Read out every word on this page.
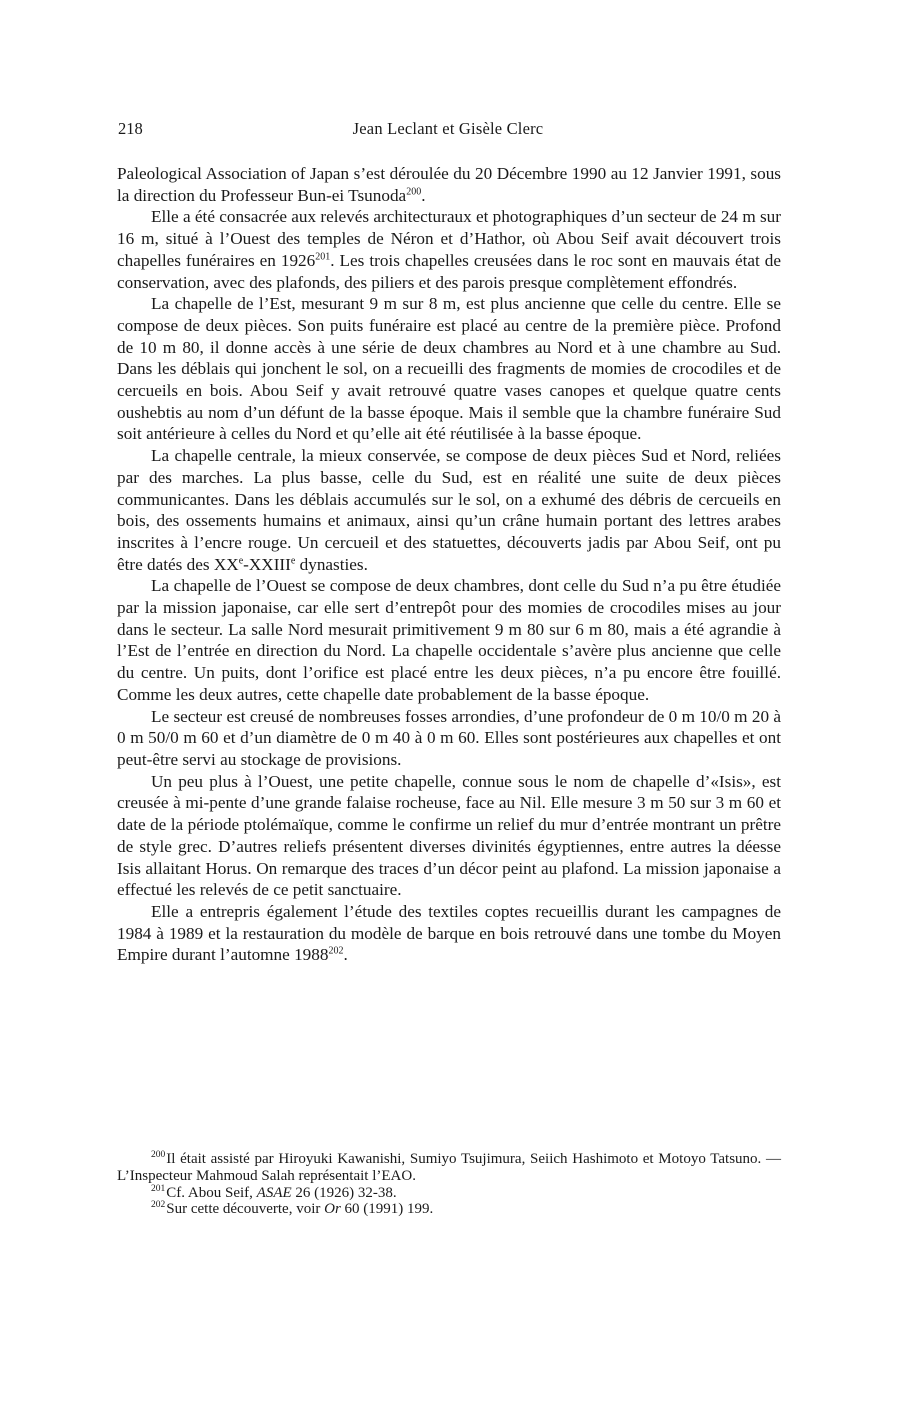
218	Jean Leclant et Gisèle Clerc

Paleological Association of Japan s’est déroulée du 20 Décembre 1990 au 12 Janvier 1991, sous la direction du Professeur Bun-ei Tsunoda$^{200}$.

Elle a été consacrée aux relevés architecturaux et photographiques d’un secteur de 24 m sur 16 m, situé à l’Ouest des temples de Néron et d’Hathor, où Abou Seif avait découvert trois chapelles funéraires en 1926$^{201}$. Les trois chapelles creusées dans le roc sont en mauvais état de conservation, avec des plafonds, des piliers et des parois presque complètement effondrés.

La chapelle de l’Est, mesurant 9 m sur 8 m, est plus ancienne que celle du centre. Elle se compose de deux pièces. Son puits funéraire est placé au centre de la première pièce. Profond de 10 m 80, il donne accès à une série de deux chambres au Nord et à une chambre au Sud. Dans les déblais qui jonchent le sol, on a recueilli des fragments de momies de crocodiles et de cercueils en bois. Abou Seif y avait retrouvé quatre vases canopes et quelque quatre cents oushebtis au nom d’un défunt de la basse époque. Mais il semble que la chambre funéraire Sud soit antérieure à celles du Nord et qu’elle ait été réutilisée à la basse époque.

La chapelle centrale, la mieux conservée, se compose de deux pièces Sud et Nord, reliées par des marches. La plus basse, celle du Sud, est en réalité une suite de deux pièces communicantes. Dans les déblais accumulés sur le sol, on a exhumé des débris de cercueils en bois, des ossements humains et animaux, ainsi qu’un crâne humain portant des lettres arabes inscrites à l’encre rouge. Un cercueil et des statuettes, découverts jadis par Abou Seif, ont pu être datés des XXe-XXIIIe dynasties.

La chapelle de l’Ouest se compose de deux chambres, dont celle du Sud n’a pu être étudiée par la mission japonaise, car elle sert d’entrepôt pour des momies de crocodiles mises au jour dans le secteur. La salle Nord mesurait primitivement 9 m 80 sur 6 m 80, mais a été agrandie à l’Est de l’entrée en direction du Nord. La chapelle occidentale s’avère plus ancienne que celle du centre. Un puits, dont l’orifice est placé entre les deux pièces, n’a pu encore être fouillé. Comme les deux autres, cette chapelle date probablement de la basse époque.

Le secteur est creusé de nombreuses fosses arrondies, d’une profondeur de 0 m 10/0 m 20 à 0 m 50/0 m 60 et d’un diamètre de 0 m 40 à 0 m 60. Elles sont postérieures aux chapelles et ont peut-être servi au stockage de provisions.

Un peu plus à l’Ouest, une petite chapelle, connue sous le nom de chapelle d’«Isis», est creusée à mi-pente d’une grande falaise rocheuse, face au Nil. Elle mesure 3 m 50 sur 3 m 60 et date de la période ptolémaïque, comme le confirme un relief du mur d’entrée montrant un prêtre de style grec. D’autres reliefs présentent diverses divinités égyptiennes, entre autres la déesse Isis allaitant Horus. On remarque des traces d’un décor peint au plafond. La mission japonaise a effectué les relevés de ce petit sanctuaire.

Elle a entrepris également l’étude des textiles coptes recueillis durant les campagnes de 1984 à 1989 et la restauration du modèle de barque en bois retrouvé dans une tombe du Moyen Empire durant l’automne 1988$^{202}$.

$^{200}$Il était assisté par Hiroyuki Kawanishi, Sumiyo Tsujimura, Seiich Hashimoto et Motoyo Tatsuno. — L’Inspecteur Mahmoud Salah représentait l’EAO.

$^{201}$Cf. Abou Seif, ASAE 26 (1926) 32-38.

$^{202}$Sur cette découverte, voir Or 60 (1991) 199.
